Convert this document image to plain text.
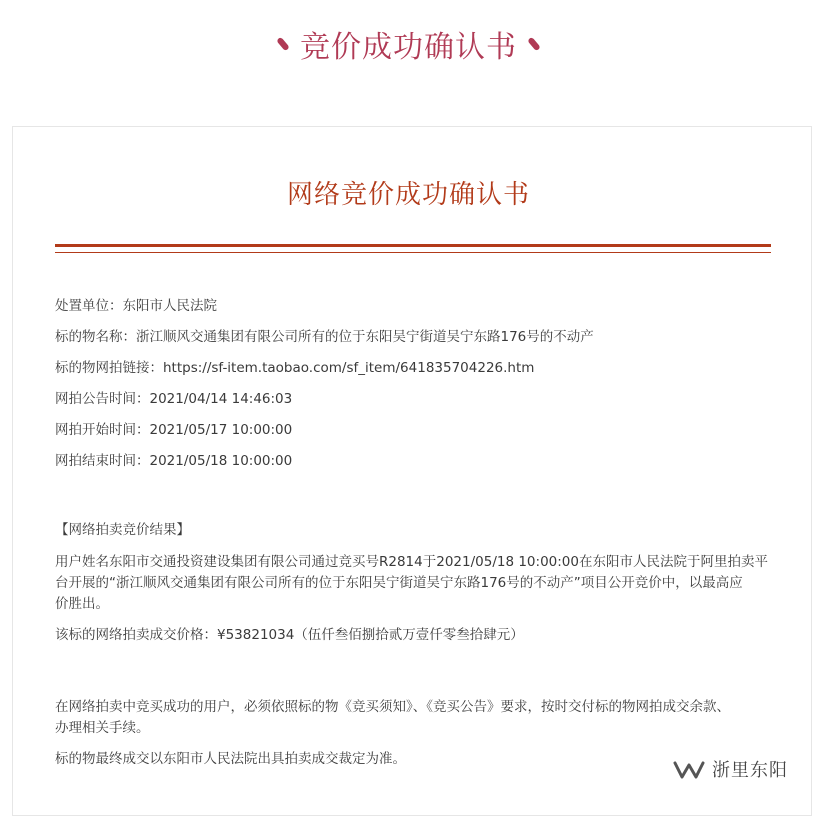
竞价成功确认书
网络竞价成功确认书
处置单位：东阳市人民法院
标的物名称：浙江顺风交通集团有限公司所有的位于东阳吴宁街道吴宁东路176号的不动产
标的物网拍链接：https://sf-item.taobao.com/sf_item/641835704226.htm
网拍公告时间：2021/04/14 14:46:03
网拍开始时间：2021/05/17 10:00:00
网拍结束时间：2021/05/18 10:00:00
【网络拍卖竞价结果】
用户姓名东阳市交通投资建设集团有限公司通过竞买号R2814于2021/05/18 10:00:00在东阳市人民法院于阿里拍卖平
台开展的“浙江顺风交通集团有限公司所有的位于东阳吴宁街道吴宁东路176号的不动产”项目公开竞价中，以最高应
价胜出。
该标的网络拍卖成交价格：¥53821034（伍仟叁佰捌拾贰万壹仟零叁拾肆元）
在网络拍卖中竞买成功的用户，必须依照标的物《竞买须知》、《竞买公告》要求，按时交付标的物网拍成交余款、
办理相关手续。
标的物最终成交以东阳市人民法院出具拍卖成交裁定为准。
浙里东阳
